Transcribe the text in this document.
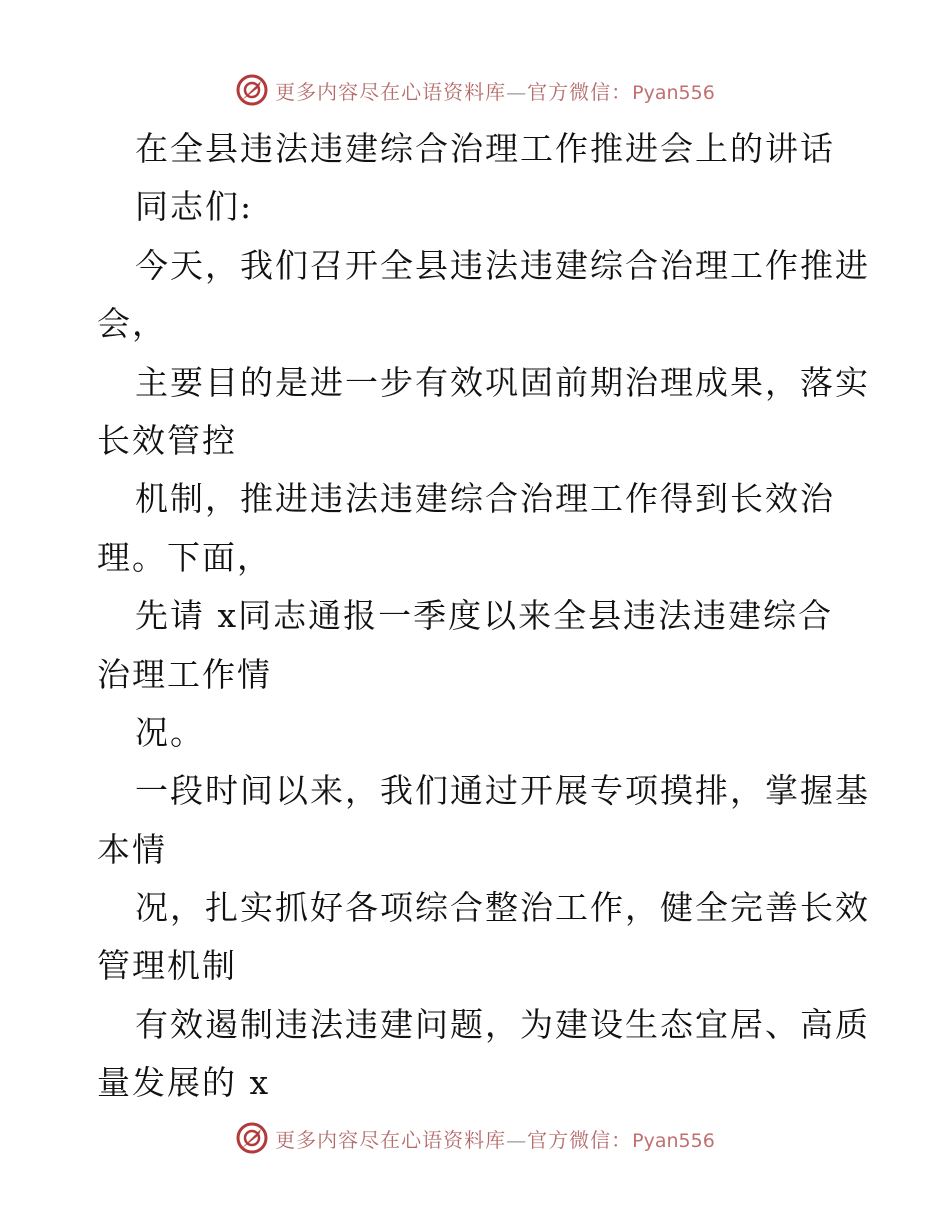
更多内容尽在心语资料库—官方微信：Pyan556
在全县违法违建综合治理工作推进会上的讲话
同志们:
今天，我们召开全县违法违建综合治理工作推进
会，
主要目的是进一步有效巩固前期治理成果，落实
长效管控
机制，推进违法违建综合治理工作得到长效治
理。下面，
先请 x同志通报一季度以来全县违法违建综合
治理工作情
况。
一段时间以来，我们通过开展专项摸排，掌握基
本情
况，扎实抓好各项综合整治工作，健全完善长效
管理机制
有效遏制违法违建问题，为建设生态宜居、高质
量发展的 x
更多内容尽在心语资料库—官方微信：Pyan556
